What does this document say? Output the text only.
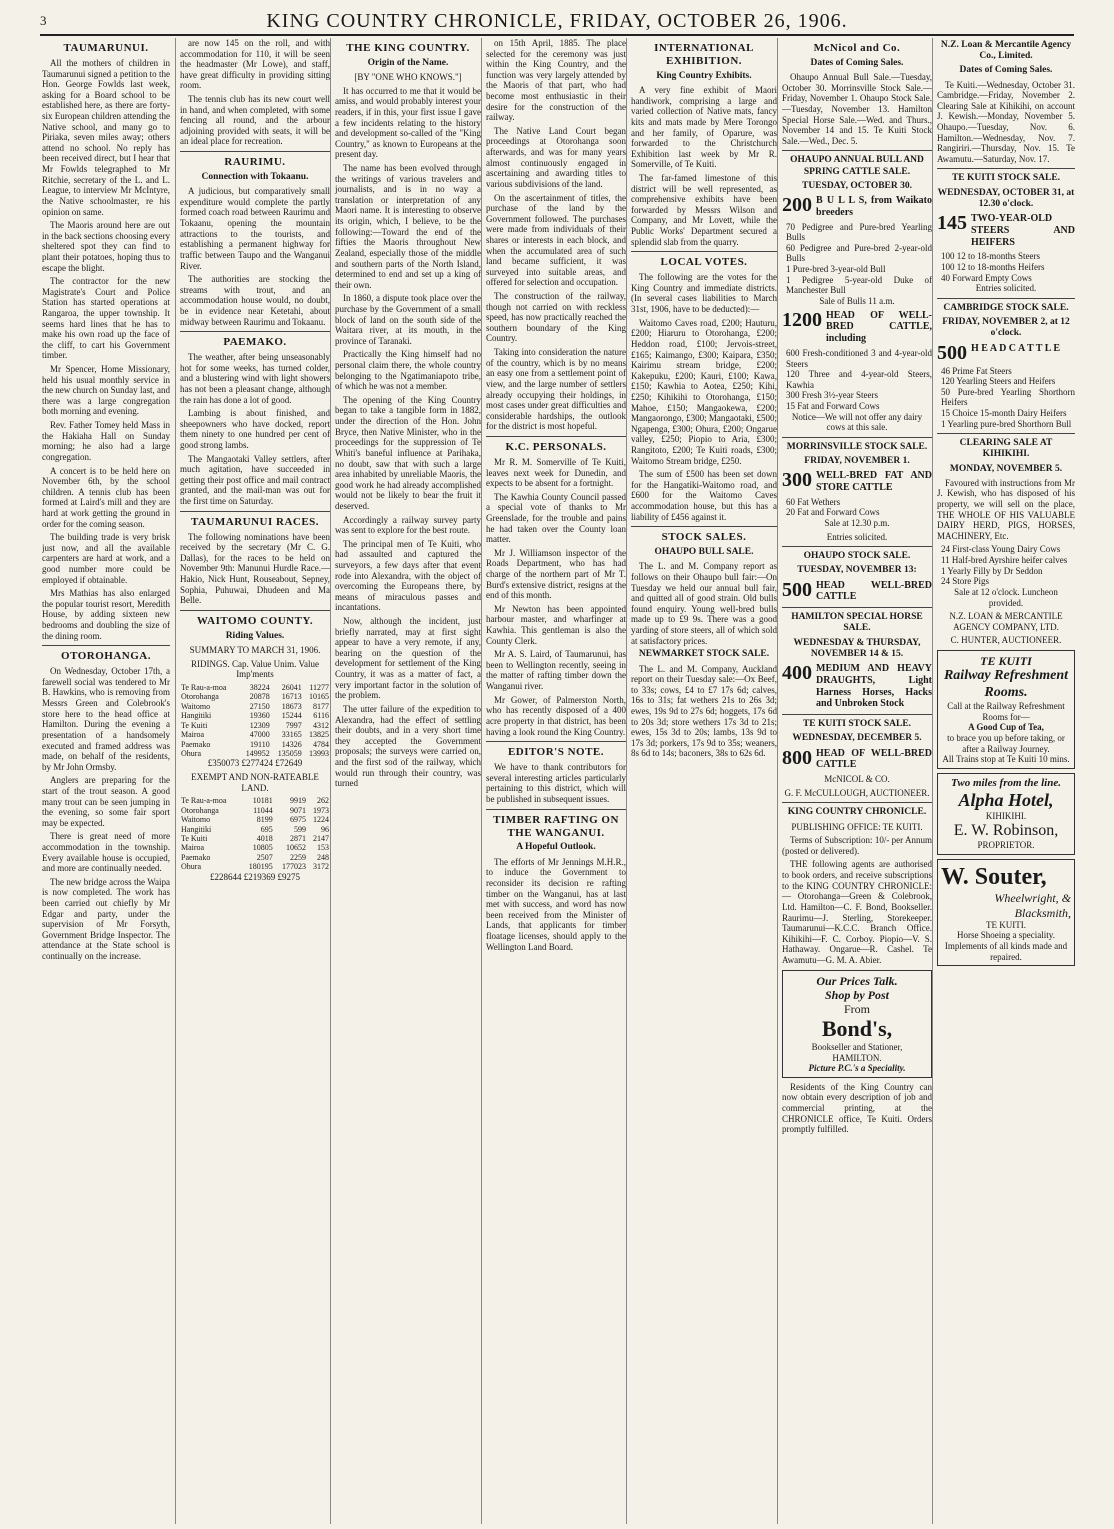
3	KING COUNTRY CHRONICLE, FRIDAY, OCTOBER 26, 1906.
TAUMARUNUI.

All the mothers of children in Taumarunui signed a petition to the Hon. George Fowlds last week, asking for a Board school to be established here, as there are forty-six European children attending the Native school, and many go to Piriaka, seven miles away; others attend no school. No reply has been received direct, but I hear that Mr Fowlds telegraphed to Mr Ritchie, secretary of the L. and L. League, to interview Mr McIntyre, the Native schoolmaster, re his opinion on same.

The Maoris around here are out in the back sections choosing every sheltered spot they can find to plant their potatoes, hoping thus to escape the blight.

The contractor for the new Magistrate's Court and Police Station has started operations at Rangaroa, the upper township. It seems hard lines that he has to make his own road up the face of the cliff, to cart his Government timber.

Mr Spencer, Home Missionary, held his usual monthly service in the new church on Sunday last, and there was a large congregation both morning and evening.

Rev. Father Tomey held Mass in the Hakiaha Hall on Sunday morning; he also had a large congregation.

A concert is to be held here on November 6th, by the school children. A tennis club has been formed at Laird's mill and they are hard at work getting the ground in order for the coming season.

The building trade is very brisk just now, and all the available carpenters are hard at work, and a good number more could be employed if obtainable.

Mrs Mathias has also enlarged the popular tourist resort, Meredith House, by adding sixteen new bedrooms and doubling the size of the dining room.

OTOROHANGA.

On Wednesday, October 17th, a farewell social was tendered to Mr B. Hawkins, who is removing from Messrs Green and Colebrook's store here to the head office at Hamilton. During the evening a presentation of a handsomely executed and framed address was made, on behalf of the residents, by Mr John Ormsby.

Anglers are preparing for the start of the trout season. A good many trout can be seen jumping in the evening, so some fair sport may be expected.

There is great need of more accommodation in the township. Every available house is occupied, and more are continually needed.

The new bridge across the Waipa is now completed. The work has been carried out chiefly by Mr Edgar and party, under the supervision of Mr Forsyth, Government Bridge Inspector. The attendance at the State school is continually on the increase.

are now 145 on the roll, and with accommodation for 110, it will be seen the headmaster (Mr Lowe), and staff, have great difficulty in providing sitting room.

The tennis club has its new court well in hand, and when completed, with some fencing all round, and the arbour adjoining provided with seats, it will be an ideal place for recreation.

RAURIMU.
Connection with Tokaanu.

A judicious, but comparatively small expenditure would complete the partly formed coach road between Raurimu and Tokaanu, opening the mountain attractions to the tourists, and establishing a permanent highway for traffic between Taupo and the Wanganui River.

The authorities are stocking the streams with trout, and an accommodation house would, no doubt, be in evidence near Ketetahi, about midway between Raurimu and Tokaanu.

PAEMAKO.

The weather, after being unseasonably hot for some weeks, has turned colder, and a blustering wind with light showers has not been a pleasant change, although the rain has done a lot of good.

Lambing is about finished, and sheepowners who have docked, report them ninety to one hundred per cent of good strong lambs.

The Mangaotaki Valley settlers, after much agitation, have succeeded in getting their post office and mail contract granted, and the mail-man was out for the first time on Saturday.

TAUMARUNUI RACES.

The following nominations have been received by the secretary (Mr C. G. Dallas), for the races to be held on November 9th: Manunui Hurdle Race.—Hakio, Nick Hunt, Rouseabout, Sepney, Sophia, Puhuwai, Dhudeen and Ma Belle.

WAITOMO COUNTY.
Riding Values.

SUMMARY TO MARCH 31, 1906.

RIDINGS. Cap. Value Unim. Value Imp'ments

Te Rau-a-moa	38224	26041	11277
Otorohanga	20878	16713	10165
Waitomo	27150	18673	8177
Hangitiki	19360	15244	6116
Te Kuiti	12309	7997	4312
Mairoa	47000	33165	13825
Paemako	19110	14326	4784
Ohura	149952	135059	13993

£350073 £277424 £72649

EXEMPT AND NON-RATEABLE LAND.

Te Rau-a-moa	10181	9919	262
Otorohanga	11044	9071	1973
Waitomo	8199	6975	1224
Hangitiki	695	599	96
Te Kuiti	4018	2871	2147
Mairoa	10805	10652	153
Paemako	2507	2259	248
Ohura	180195	177023	3172

£228644 £219369 £9275

THE KING COUNTRY.
Origin of the Name.

[BY "ONE WHO KNOWS."]

It has occurred to me that it would be amiss, and would probably interest your readers, if in this, your first issue I gave a few incidents relating to the history and development so-called of the "King Country," as known to Europeans at the present day.

The name has been evolved through the writings of various travelers and journalists, and is in no way a translation or interpretation of any Maori name. It is interesting to observe its origin, which, I believe, to be the following:—Toward the end of the fifties the Maoris throughout New Zealand, especially those of the middle and southern parts of the North Island, determined to end and set up a king of their own.

In 1860, a dispute took place over the purchase by the Government of a small block of land on the south side of the Waitara river, at its mouth, in the province of Taranaki.

Practically the King himself had no personal claim there, the whole country belonging to the Ngatimaniapoto tribe, of which he was not a member.

The opening of the King Country began to take a tangible form in 1882, under the direction of the Hon. John Bryce, then Native Minister, who in the proceedings for the suppression of Te Whiti's baneful influence at Parihaka, no doubt, saw that with such a large area inhabited by unreliable Maoris, the good work he had already accomplished would not be likely to bear the fruit it deserved.

Accordingly a railway survey party was sent to explore for the best route.

The principal men of Te Kuiti, who had assaulted and captured the surveyors, a few days after that event rode into Alexandra, with the object of overcoming the Europeans there, by means of miraculous passes and incantations.

Now, although the incident, just briefly narrated, may at first sight appear to have a very remote, if any, bearing on the question of the development for settlement of the King Country, it was as a matter of fact, a very important factor in the solution of the problem.

The utter failure of the expedition to Alexandra, had the effect of settling their doubts, and in a very short time they accepted the Government proposals; the surveys were carried on, and the first sod of the railway, which would run through their country, was turned

on 15th April, 1885. The place selected for the ceremony was just within the King Country, and the function was very largely attended by the Maoris of that part, who had become most enthusiastic in their desire for the construction of the railway.

The Native Land Court began proceedings at Otorohanga soon afterwards, and was for many years almost continuously engaged in ascertaining and awarding titles to various subdivisions of the land.

On the ascertainment of titles, the purchase of the land by the Government followed. The purchases were made from individuals of their shares or interests in each block, and when the accumulated area of such land became sufficient, it was surveyed into suitable areas, and offered for selection and occupation.

The construction of the railway, though not carried on with reckless speed, has now practically reached the southern boundary of the King Country.

Taking into consideration the nature of the country, which is by no means an easy one from a settlement point of view, and the large number of settlers already occupying their holdings, in most cases under great difficulties and considerable hardships, the outlook for the district is most hopeful.

K.C. PERSONALS.

Mr R. M. Somerville of Te Kuiti, leaves next week for Dunedin, and expects to be absent for a fortnight.

The Kawhia County Council passed a special vote of thanks to Mr Greenslade, for the trouble and pains he had taken over the County loan matter.

Mr J. Williamson inspector of the Roads Department, who has had charge of the northern part of Mr T. Burd's extensive district, resigns at the end of this month.

Mr Newton has been appointed harbour master, and wharfinger at Kawhia. This gentleman is also the County Clerk.

Mr A. S. Laird, of Taumarunui, has been to Wellington recently, seeing in the matter of rafting timber down the Wanganui river.

Mr Gower, of Palmerston North, who has recently disposed of a 400 acre property in that district, has been having a look round the King Country.

EDITOR'S NOTE.

We have to thank contributors for several interesting articles particularly pertaining to this district, which will be published in subsequent issues.

TIMBER RAFTING ON THE WANGANUI.
A Hopeful Outlook.

The efforts of Mr Jennings M.H.R., to induce the Government to reconsider its decision re rafting timber on the Wanganui, has at last met with success, and word has now been received from the Minister of Lands, that applicants for timber floatage licenses, should apply to the Wellington Land Board.

INTERNATIONAL EXHIBITION.
King Country Exhibits.

A very fine exhibit of Maori handiwork, comprising a large and varied collection of Native mats, fancy kits and mats made by Mere Torongo and her family, of Oparure, was forwarded to the Christchurch Exhibition last week by Mr R. Somerville, of Te Kuiti.

The far-famed limestone of this district will be well represented, as comprehensive exhibits have been forwarded by Messrs Wilson and Company, and Mr Lovett, while the Public Works' Department secured a splendid slab from the quarry.

LOCAL VOTES.

The following are the votes for the King Country and immediate districts. (In several cases liabilities to March 31st, 1906, have to be deducted):—

Waitomo Caves road, £200; Hauturu, £200; Hiaruru to Otorohanga, £200; Heddon road, £100; Jervois-street, £165; Kaimango, £300; Kaipara, £350; Kairimu stream bridge, £200; Kakepuku, £200; Kauri, £100; Kawa, £150; Kawhia to Aotea, £250; Kihi, £250; Kihikihi to Otorohanga, £150; Mahoe, £150; Mangaokewa, £200; Mangaorongo, £300; Mangaotaki, £500; Ngapenga, £300; Ohura, £200; Ongarue valley, £250; Piopio to Aria, £300; Rangitoto, £200; Te Kuiti roads, £300; Waitomo Stream bridge, £250.

The sum of £500 has been set down for the Hangatiki-Waitomo road, and £600 for the Waitomo Caves accommodation house, but this has a liability of £456 against it.

STOCK SALES.
OHAUPO BULL SALE.

The L. and M. Company report as follows on their Ohaupo bull fair:—On Tuesday we held our annual bull fair, and quitted all of good strain. Old bulls found enquiry. Young well-bred bulls made up to £9 9s. There was a good yarding of store steers, all of which sold at satisfactory prices.

NEWMARKET STOCK SALE.

The L. and M. Company, Auckland report on their Tuesday sale:—Ox Beef, to 33s; cows, £4 to £7 17s 6d; calves, 16s to 31s; fat wethers 21s to 26s 3d; ewes, 19s 9d to 27s 6d; hoggets, 17s 6d to 20s 3d; store wethers 17s 3d to 21s; ewes, 15s 3d to 20s; lambs, 13s 9d to 17s 3d; porkers, 17s 9d to 35s; weaners, 8s 6d to 14s; baconers, 38s to 62s 6d.

McNicol and Co.
Dates of Coming Sales.

Ohaupo Annual Bull Sale.—Tuesday, October 30. Morrinsville Stock Sale.—Friday, November 1. Ohaupo Stock Sale.—Tuesday, November 13. Hamilton Special Horse Sale.—Wed. and Thurs., November 14 and 15. Te Kuiti Stock Sale.—Wed., Dec. 5.

OHAUPO ANNUAL BULL AND SPRING CATTLE SALE.
TUESDAY, OCTOBER 30.
200 B U L L S, from Waikato breeders

70 Pedigree and Pure-bred Yearling Bulls

60 Pedigree and Pure-bred 2-year-old Bulls

1 Pure-bred 3-year-old Bull

1 Pedigree 5-year-old Duke of Manchester Bull

Sale of Bulls 11 a.m.

1200 HEAD OF WELL-BRED CATTLE, including

600 Fresh-conditioned 3 and 4-year-old Steers

120 Three and 4-year-old Steers, Kawhia

300 Fresh 3½-year Steers

15 Fat and Forward Cows

Notice—We will not offer any dairy cows at this sale.

MORRINSVILLE STOCK SALE.
FRIDAY, NOVEMBER 1.
300 WELL-BRED FAT AND STORE CATTLE

60 Fat Wethers

20 Fat and Forward Cows

Sale at 12.30 p.m.

Entries solicited.

OHAUPO STOCK SALE.
TUESDAY, NOVEMBER 13:
500 HEAD WELL-BRED CATTLE
HAMILTON SPECIAL HORSE SALE.
WEDNESDAY & THURSDAY, NOVEMBER 14 & 15.
400 MEDIUM AND HEAVY DRAUGHTS, Light Harness Horses, Hacks and Unbroken Stock
TE KUITI STOCK SALE.
WEDNESDAY, DECEMBER 5.
800 HEAD OF WELL-BRED CATTLE

McNICOL & CO.

G. F. McCULLOUGH, AUCTIONEER.

KING COUNTRY CHRONICLE.

PUBLISHING OFFICE: TE KUITI.

Terms of Subscription: 10/- per Annum (posted or delivered).

THE following agents are authorised to book orders, and receive subscriptions to the KING COUNTRY CHRONICLE:— Otorohanga—Green & Colebrook, Ltd. Hamilton—C. F. Bond, Bookseller. Raurimu—J. Sterling, Storekeeper. Taumarunui—K.C.C. Branch Office. Kihikihi—F. C. Corboy. Piopio—V. S. Hathaway. Ongarue—R. Cashel. Te Awamutu—G. M. A. Abier.

Our Prices Talk.
Shop by Post
From
Bond's,
Bookseller and Stationer, HAMILTON.
Picture P.C.'s a Speciality.

Residents of the King Country can now obtain every description of job and commercial printing, at the CHRONICLE office, Te Kuiti. Orders promptly fulfilled.

N.Z. Loan & Mercantile Agency Co., Limited.
Dates of Coming Sales.

Te Kuiti.—Wednesday, October 31. Cambridge.—Friday, November 2. Clearing Sale at Kihikihi, on account J. Kewish.—Monday, November 5. Ohaupo.—Tuesday, Nov. 6. Hamilton.—Wednesday, Nov. 7. Rangiriri.—Thursday, Nov. 15. Te Awamutu.—Saturday, Nov. 17.

TE KUITI STOCK SALE.
WEDNESDAY, OCTOBER 31, at 12.30 o'clock.
145 TWO-YEAR-OLD STEERS AND HEIFERS

100 12 to 18-months Steers

100 12 to 18-months Heifers

40 Forward Empty Cows

Entries solicited.

CAMBRIDGE STOCK SALE.
FRIDAY, NOVEMBER 2, at 12 o'clock.
500 H E A D C A T T L E

46 Prime Fat Steers

120 Yearling Steers and Heifers

50 Pure-bred Yearling Shorthorn Heifers

15 Choice 15-month Dairy Heifers

1 Yearling pure-bred Shorthorn Bull

CLEARING SALE AT KIHIKIHI.
MONDAY, NOVEMBER 5.

Favoured with instructions from Mr J. Kewish, who has disposed of his property, we will sell on the place, THE WHOLE OF HIS VALUABLE DAIRY HERD, PIGS, HORSES, MACHINERY, Etc.

24 First-class Young Dairy Cows

11 Half-bred Ayrshire heifer calves

1 Yearly Filly by Dr Seddon

24 Store Pigs

Sale at 12 o'clock. Luncheon provided.

N.Z. LOAN & MERCANTILE AGENCY COMPANY, LTD.

C. HUNTER, AUCTIONEER.

TE KUITI
Railway Refreshment Rooms.
Call at the Railway Refreshment Rooms for—
A Good Cup of Tea,
to brace you up before taking, or after a Railway Journey.
All Trains stop at Te Kuiti 10 mins.
Two miles from the line.
Alpha Hotel,
KIHIKIHI.
E. W. Robinson,
PROPRIETOR.
W. Souter,
Wheelwright, & Blacksmith,
TE KUITI.
Horse Shoeing a speciality.
Implements of all kinds made and repaired.
